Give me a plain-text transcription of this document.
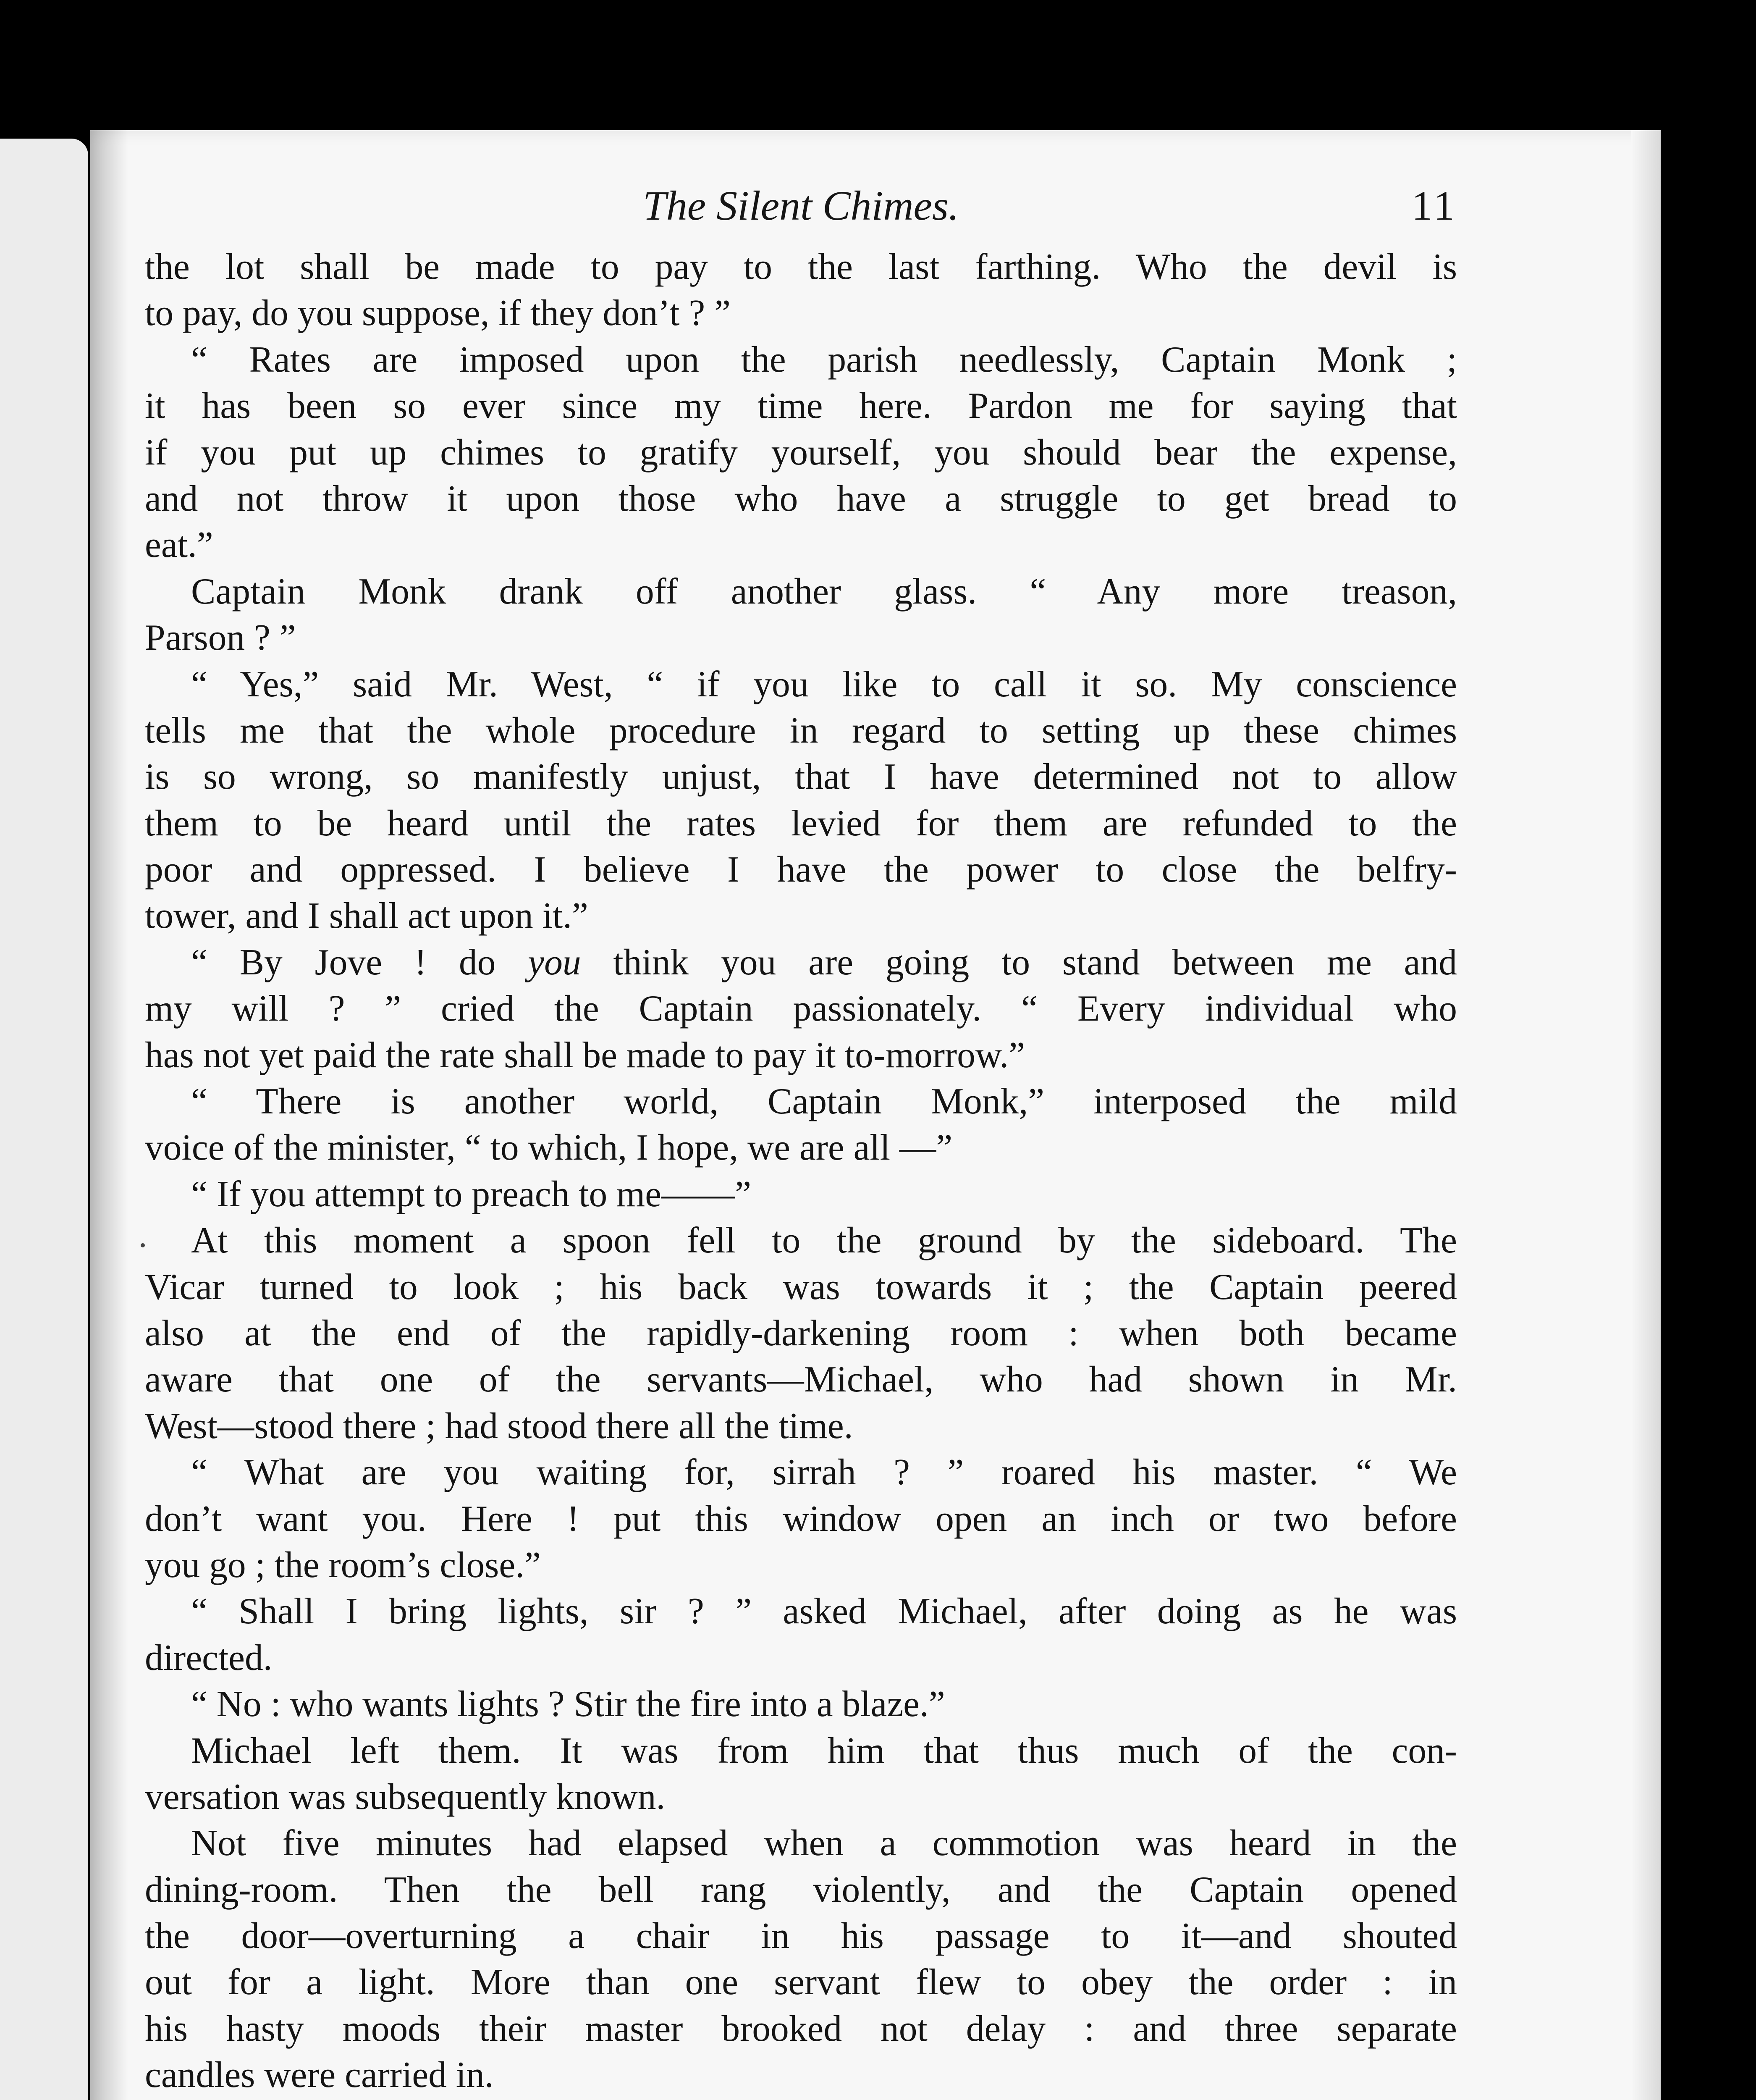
The Silent Chimes.	11
the lot shall be made to pay to the last farthing. Who the devil is
to pay, do you suppose, if they don’t ? ”
“ Rates are imposed upon the parish needlessly, Captain Monk ;
it has been so ever since my time here. Pardon me for saying that
if you put up chimes to gratify yourself, you should bear the expense,
and not throw it upon those who have a struggle to get bread to
eat.”
Captain Monk drank off another glass. “ Any more treason,
Parson ? ”
“ Yes,” said Mr. West, “ if you like to call it so. My conscience
tells me that the whole procedure in regard to setting up these chimes
is so wrong, so manifestly unjust, that I have determined not to allow
them to be heard until the rates levied for them are refunded to the
poor and oppressed. I believe I have the power to close the belfry-
tower, and I shall act upon it.”
“ By Jove ! do you think you are going to stand between me and
my will ? ” cried the Captain passionately. “ Every individual who
has not yet paid the rate shall be made to pay it to-morrow.”
“ There is another world, Captain Monk,” interposed the mild
voice of the minister, “ to which, I hope, we are all —”
“ If you attempt to preach to me——”
At this moment a spoon fell to the ground by the sideboard. The
Vicar turned to look ; his back was towards it ; the Captain peered
also at the end of the rapidly-darkening room : when both became
aware that one of the servants—Michael, who had shown in Mr.
West—stood there ; had stood there all the time.
“ What are you waiting for, sirrah ? ” roared his master. “ We
don’t want you. Here ! put this window open an inch or two before
you go ; the room’s close.”
“ Shall I bring lights, sir ? ” asked Michael, after doing as he was
directed.
“ No : who wants lights ? Stir the fire into a blaze.”
Michael left them. It was from him that thus much of the con-
versation was subsequently known.
Not five minutes had elapsed when a commotion was heard in the
dining-room. Then the bell rang violently, and the Captain opened
the door—overturning a chair in his passage to it—and shouted
out for a light. More than one servant flew to obey the order : in
his hasty moods their master brooked not delay : and three separate
candles were carried in.
